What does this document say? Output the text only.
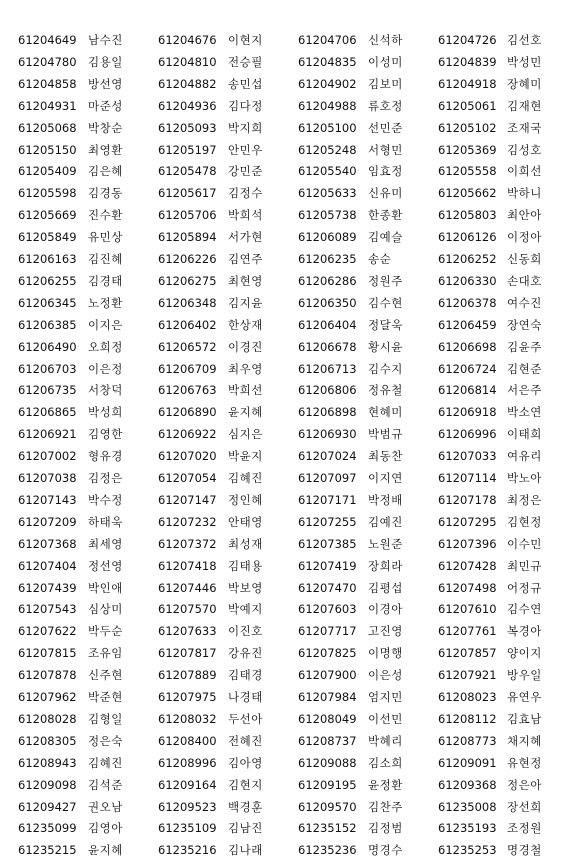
61204649 남수진	61204676 이현지	61204706 신석하	61204726 김선호
61204780 김용일	61204810 전승필	61204835 이성미	61204839 박성민
61204858 방선영	61204882 송민섭	61204902 김보미	61204918 장혜미
61204931 마준성	61204936 김다정	61204988 류호정	61205061 김재현
61205068 박창순	61205093 박지희	61205100 선민준	61205102 조재국
61205150 최영환	61205197 안민우	61205248 서형민	61205369 김성호
61205409 김은혜	61205478 강민준	61205540 임효정	61205558 이희선
61205598 김경동	61205617 김정수	61205633 신유미	61205662 박하니
61205669 진수환	61205706 박희석	61205738 한종환	61205803 최안아
61205849 유민상	61205894 서가현	61206089 김예슬	61206126 이정아
61206163 김진혜	61206226 김연주	61206235 송순	61206252 신동희
61206255 김경태	61206275 최현영	61206286 정원주	61206330 손대호
61206345 노정환	61206348 김지윤	61206350 김수현	61206378 여수진
61206385 이지은	61206402 한상재	61206404 정달욱	61206459 장연숙
61206490 오희정	61206572 이경진	61206678 황시윤	61206698 김윤주
61206703 이은정	61206709 최우영	61206713 김수지	61206724 김현준
61206735 서창덕	61206763 박희선	61206806 정유철	61206814 서은주
61206865 박성희	61206890 윤지혜	61206898 현혜미	61206918 박소연
61206921 김영한	61206922 심지은	61206930 박범규	61206996 이태희
61207002 형유경	61207020 박윤지	61207024 최동찬	61207033 여유리
61207038 김정은	61207054 김혜진	61207097 이지연	61207114 박노아
61207143 박수정	61207147 정인혜	61207171 박정배	61207178 최정은
61207209 하태욱	61207232 안태영	61207255 김예진	61207295 김현정
61207368 최세영	61207372 최성재	61207385 노원준	61207396 이수민
61207404 정선영	61207418 김태용	61207419 장희라	61207428 최민규
61207439 박인애	61207446 박보영	61207470 김평섭	61207498 어정규
61207543 심상미	61207570 박예지	61207603 이경아	61207610 김수연
61207622 박두순	61207633 이진호	61207717 고진영	61207761 복경아
61207815 조유임	61207817 강유진	61207825 이명행	61207857 양이지
61207878 신주현	61207889 김태경	61207900 이은성	61207921 방우일
61207962 박준현	61207975 나경태	61207984 엄지민	61208023 유연우
61208028 김형일	61208032 두선아	61208049 이선민	61208112 김효남
61208305 정은숙	61208400 전혜진	61208737 박혜리	61208773 채지혜
61208943 김혜진	61208996 김아영	61209088 김소희	61209091 유현정
61209098 김석준	61209164 김현지	61209195 윤정환	61209368 정은아
61209427 권오남	61209523 백경훈	61209570 김찬주	61235008 장선희
61235099 김영아	61235109 김남진	61235152 김정범	61235193 조정원
61235215 윤지혜	61235216 김나래	61235236 명경수	61235253 명경철
